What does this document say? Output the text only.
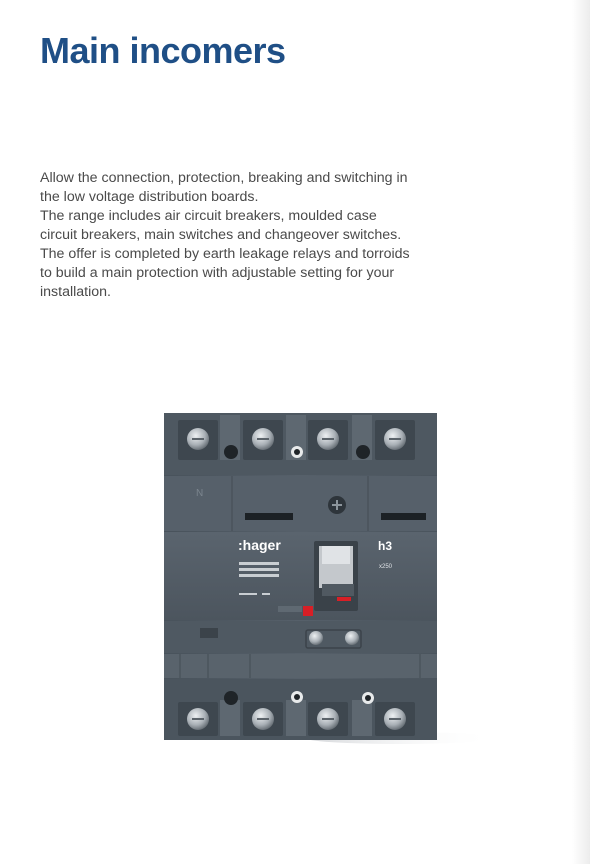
Main incomers
Allow the connection, protection, breaking and switching in
the low voltage distribution boards.
The range includes air circuit breakers, moulded case
circuit breakers, main switches and changeover switches.
The offer is completed by earth leakage relays and torroids
to build a main protection with adjustable setting for your
installation.
N
:hager	h3
x250
